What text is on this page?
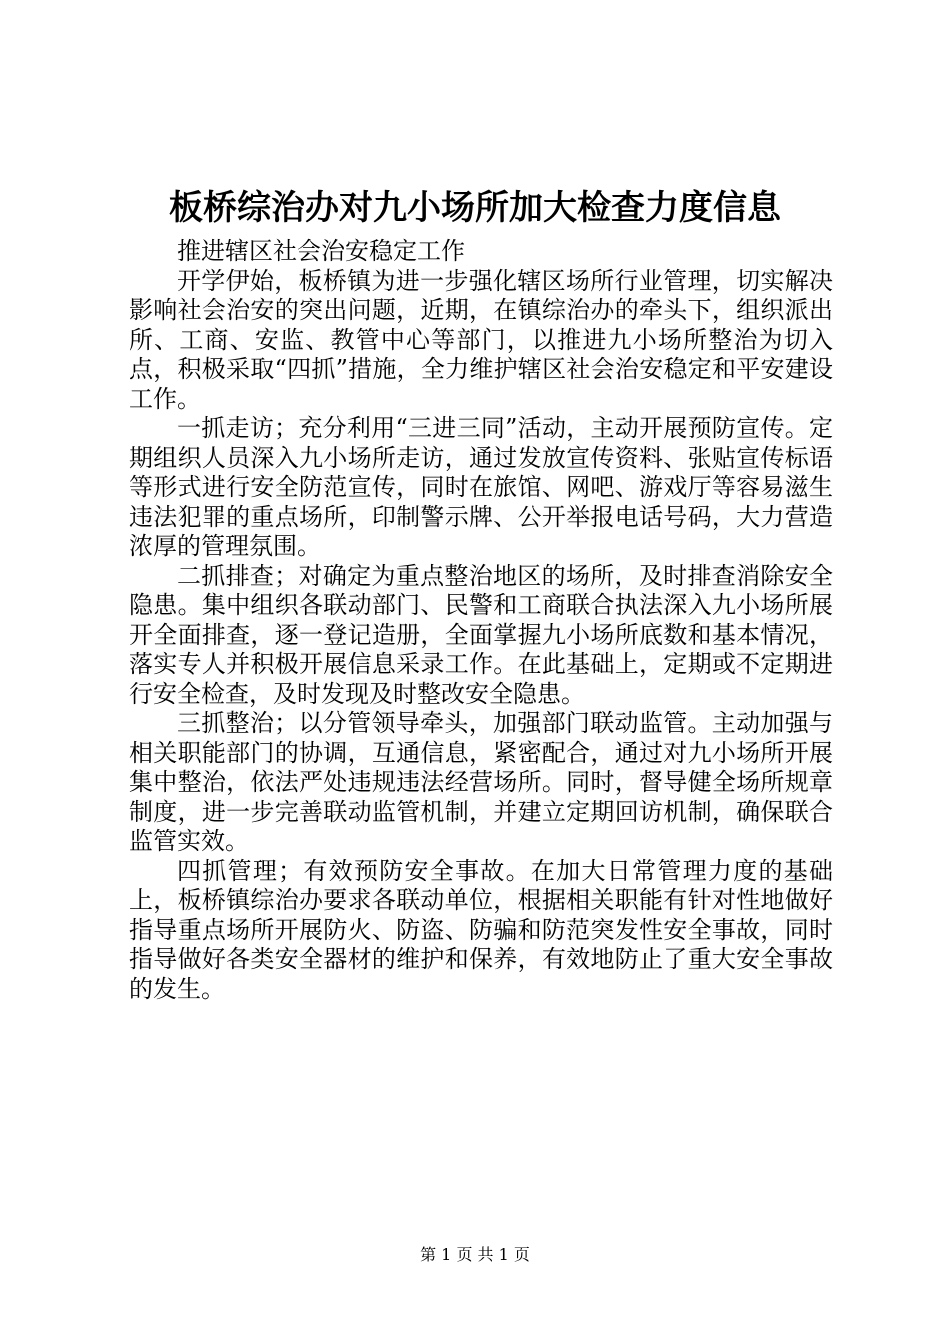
板桥综治办对九小场所加大检查力度信息

推进辖区社会治安稳定工作

开学伊始，板桥镇为进一步强化辖区场所行业管理，切实解决影响社会治安的突出问题，近期，在镇综治办的牵头下，组织派出所、工商、安监、教管中心等部门，以推进九小场所整治为切入点，积极采取“四抓”措施，全力维护辖区社会治安稳定和平安建设工作。

一抓走访；充分利用“三进三同”活动，主动开展预防宣传。定期组织人员深入九小场所走访，通过发放宣传资料、张贴宣传标语等形式进行安全防范宣传，同时在旅馆、网吧、游戏厅等容易滋生违法犯罪的重点场所，印制警示牌、公开举报电话号码，大力营造浓厚的管理氛围。

二抓排查；对确定为重点整治地区的场所，及时排查消除安全隐患。集中组织各联动部门、民警和工商联合执法深入九小场所展开全面排查，逐一登记造册，全面掌握九小场所底数和基本情况，落实专人并积极开展信息采录工作。在此基础上，定期或不定期进行安全检查，及时发现及时整改安全隐患。

三抓整治；以分管领导牵头，加强部门联动监管。主动加强与相关职能部门的协调，互通信息，紧密配合，通过对九小场所开展集中整治，依法严处违规违法经营场所。同时，督导健全场所规章制度，进一步完善联动监管机制，并建立定期回访机制，确保联合监管实效。

四抓管理；有效预防安全事故。在加大日常管理力度的基础上，板桥镇综治办要求各联动单位，根据相关职能有针对性地做好指导重点场所开展防火、防盗、防骗和防范突发性安全事故，同时指导做好各类安全器材的维护和保养，有效地防止了重大安全事故的发生。

第 1 页 共 1 页
